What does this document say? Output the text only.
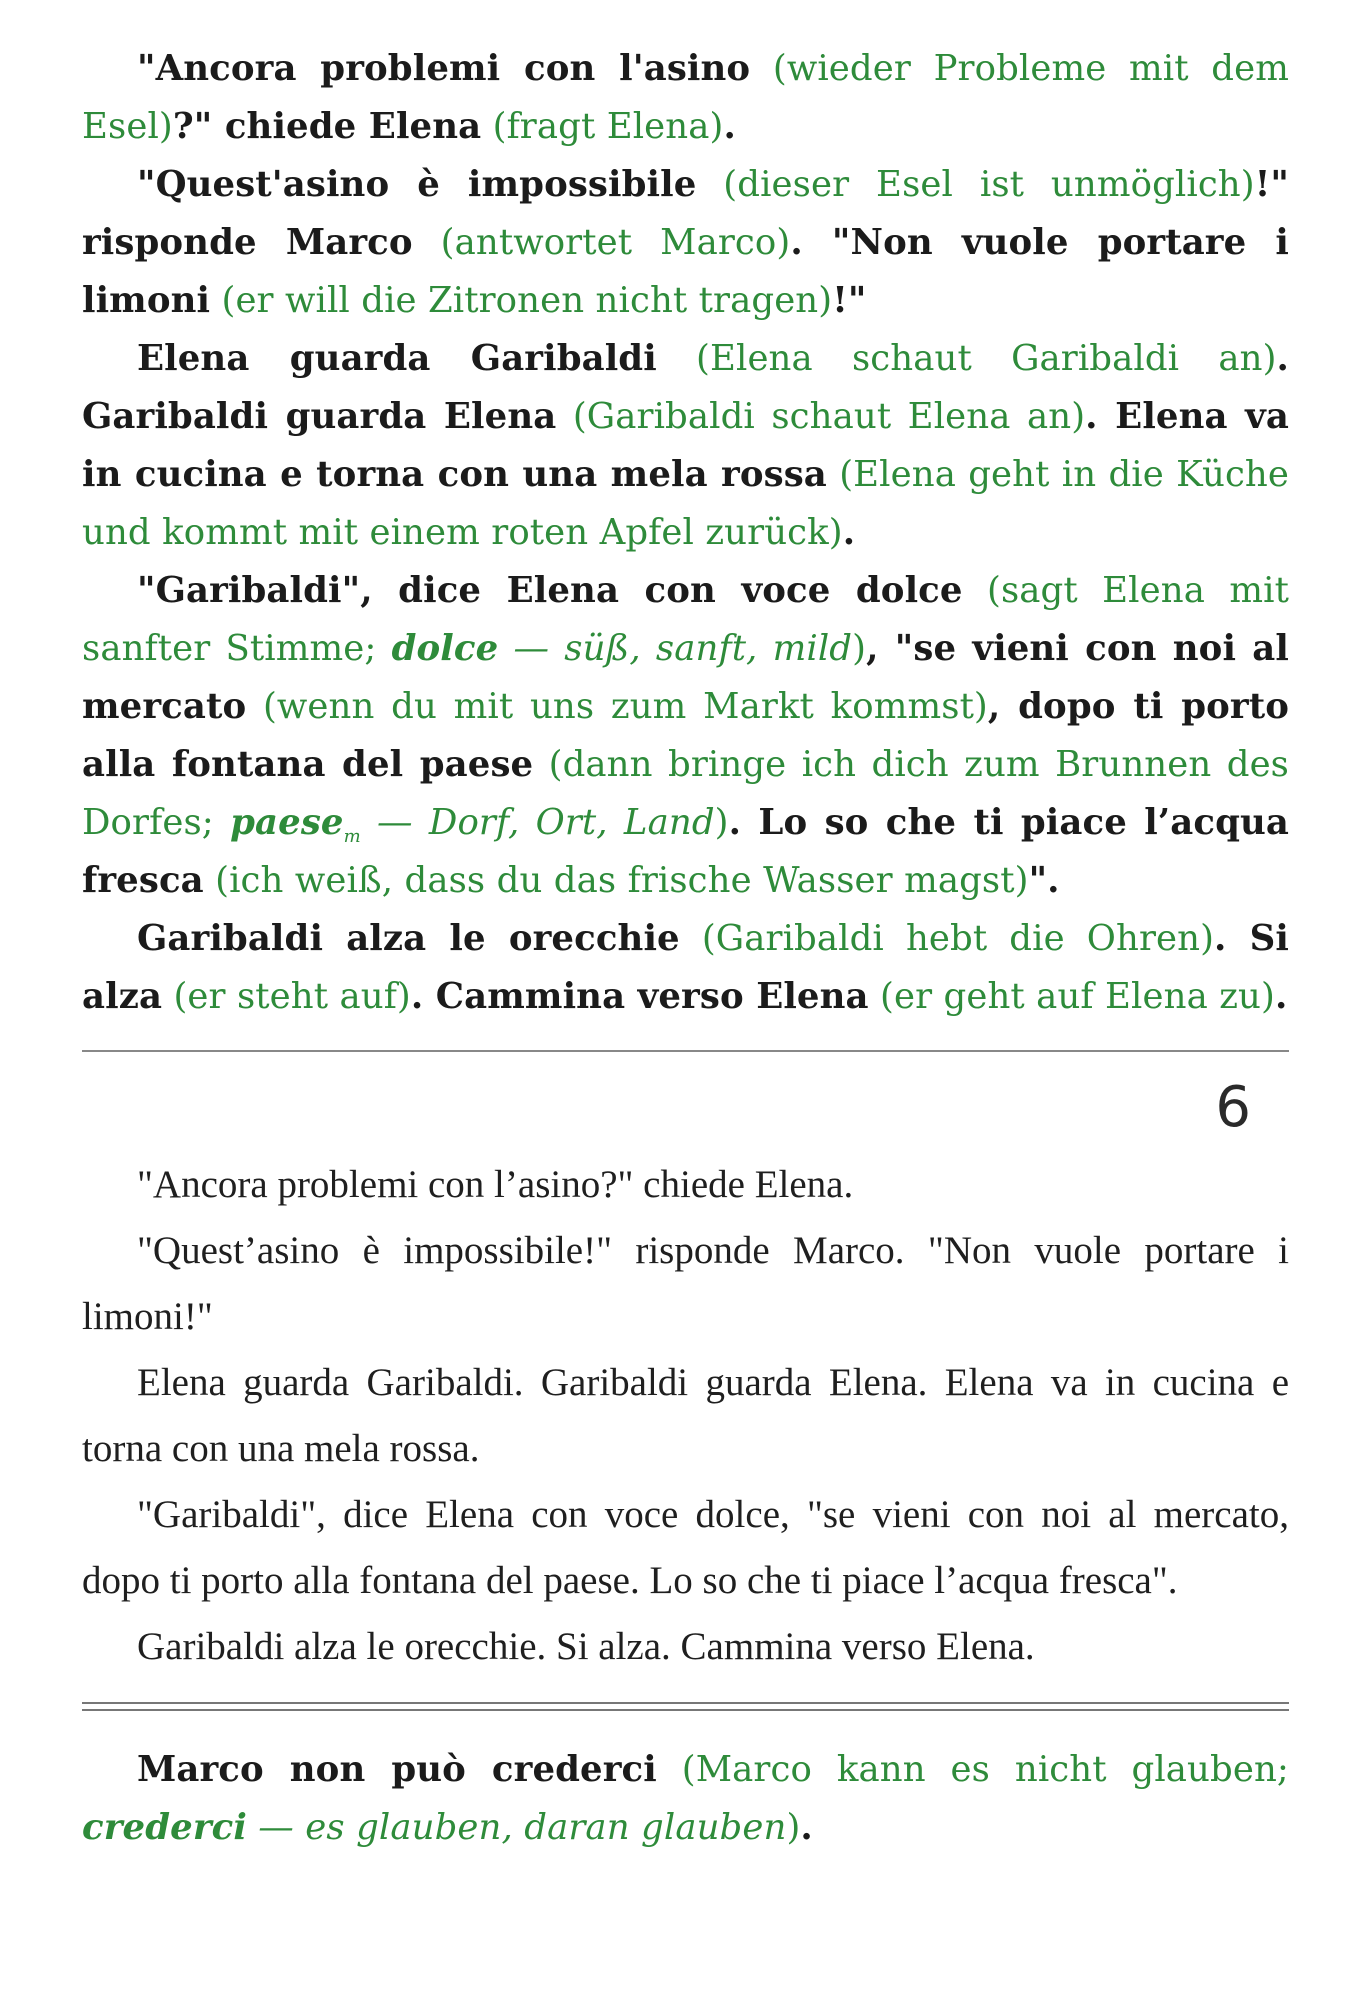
"Ancora problemi con l'asino (wieder Probleme mit dem Esel)?" chiede Elena (fragt Elena).

"Quest'asino è impossibile (dieser Esel ist unmöglich)!" risponde Marco (antwortet Marco). "Non vuole portare i limoni (er will die Zitronen nicht tragen)!"

Elena guarda Garibaldi (Elena schaut Garibaldi an). Garibaldi guarda Elena (Garibaldi schaut Elena an). Elena va in cucina e torna con una mela rossa (Elena geht in die Küche und kommt mit einem roten Apfel zurück).

"Garibaldi", dice Elena con voce dolce (sagt Elena mit sanfter Stimme; dolce — süß, sanft, mild), "se vieni con noi al mercato (wenn du mit uns zum Markt kommst), dopo ti porto alla fontana del paese (dann bringe ich dich zum Brunnen des Dorfes; paese$_m$ — Dorf, Ort, Land). Lo so che ti piace l’acqua fresca (ich weiß, dass du das frische Wasser magst)".

Garibaldi alza le orecchie (Garibaldi hebt die Ohren). Si alza (er steht auf). Cammina verso Elena (er geht auf Elena zu).

6

"Ancora problemi con l’asino?" chiede Elena.

"Quest’asino è impossibile!" risponde Marco. "Non vuole portare i limoni!"

Elena guarda Garibaldi. Garibaldi guarda Elena. Elena va in cucina e torna con una mela rossa.

"Garibaldi", dice Elena con voce dolce, "se vieni con noi al mercato, dopo ti porto alla fontana del paese. Lo so che ti piace l’acqua fresca".

Garibaldi alza le orecchie. Si alza. Cammina verso Elena.

Marco non può crederci (Marco kann es nicht glauben; crederci — es glauben, daran glauben).
